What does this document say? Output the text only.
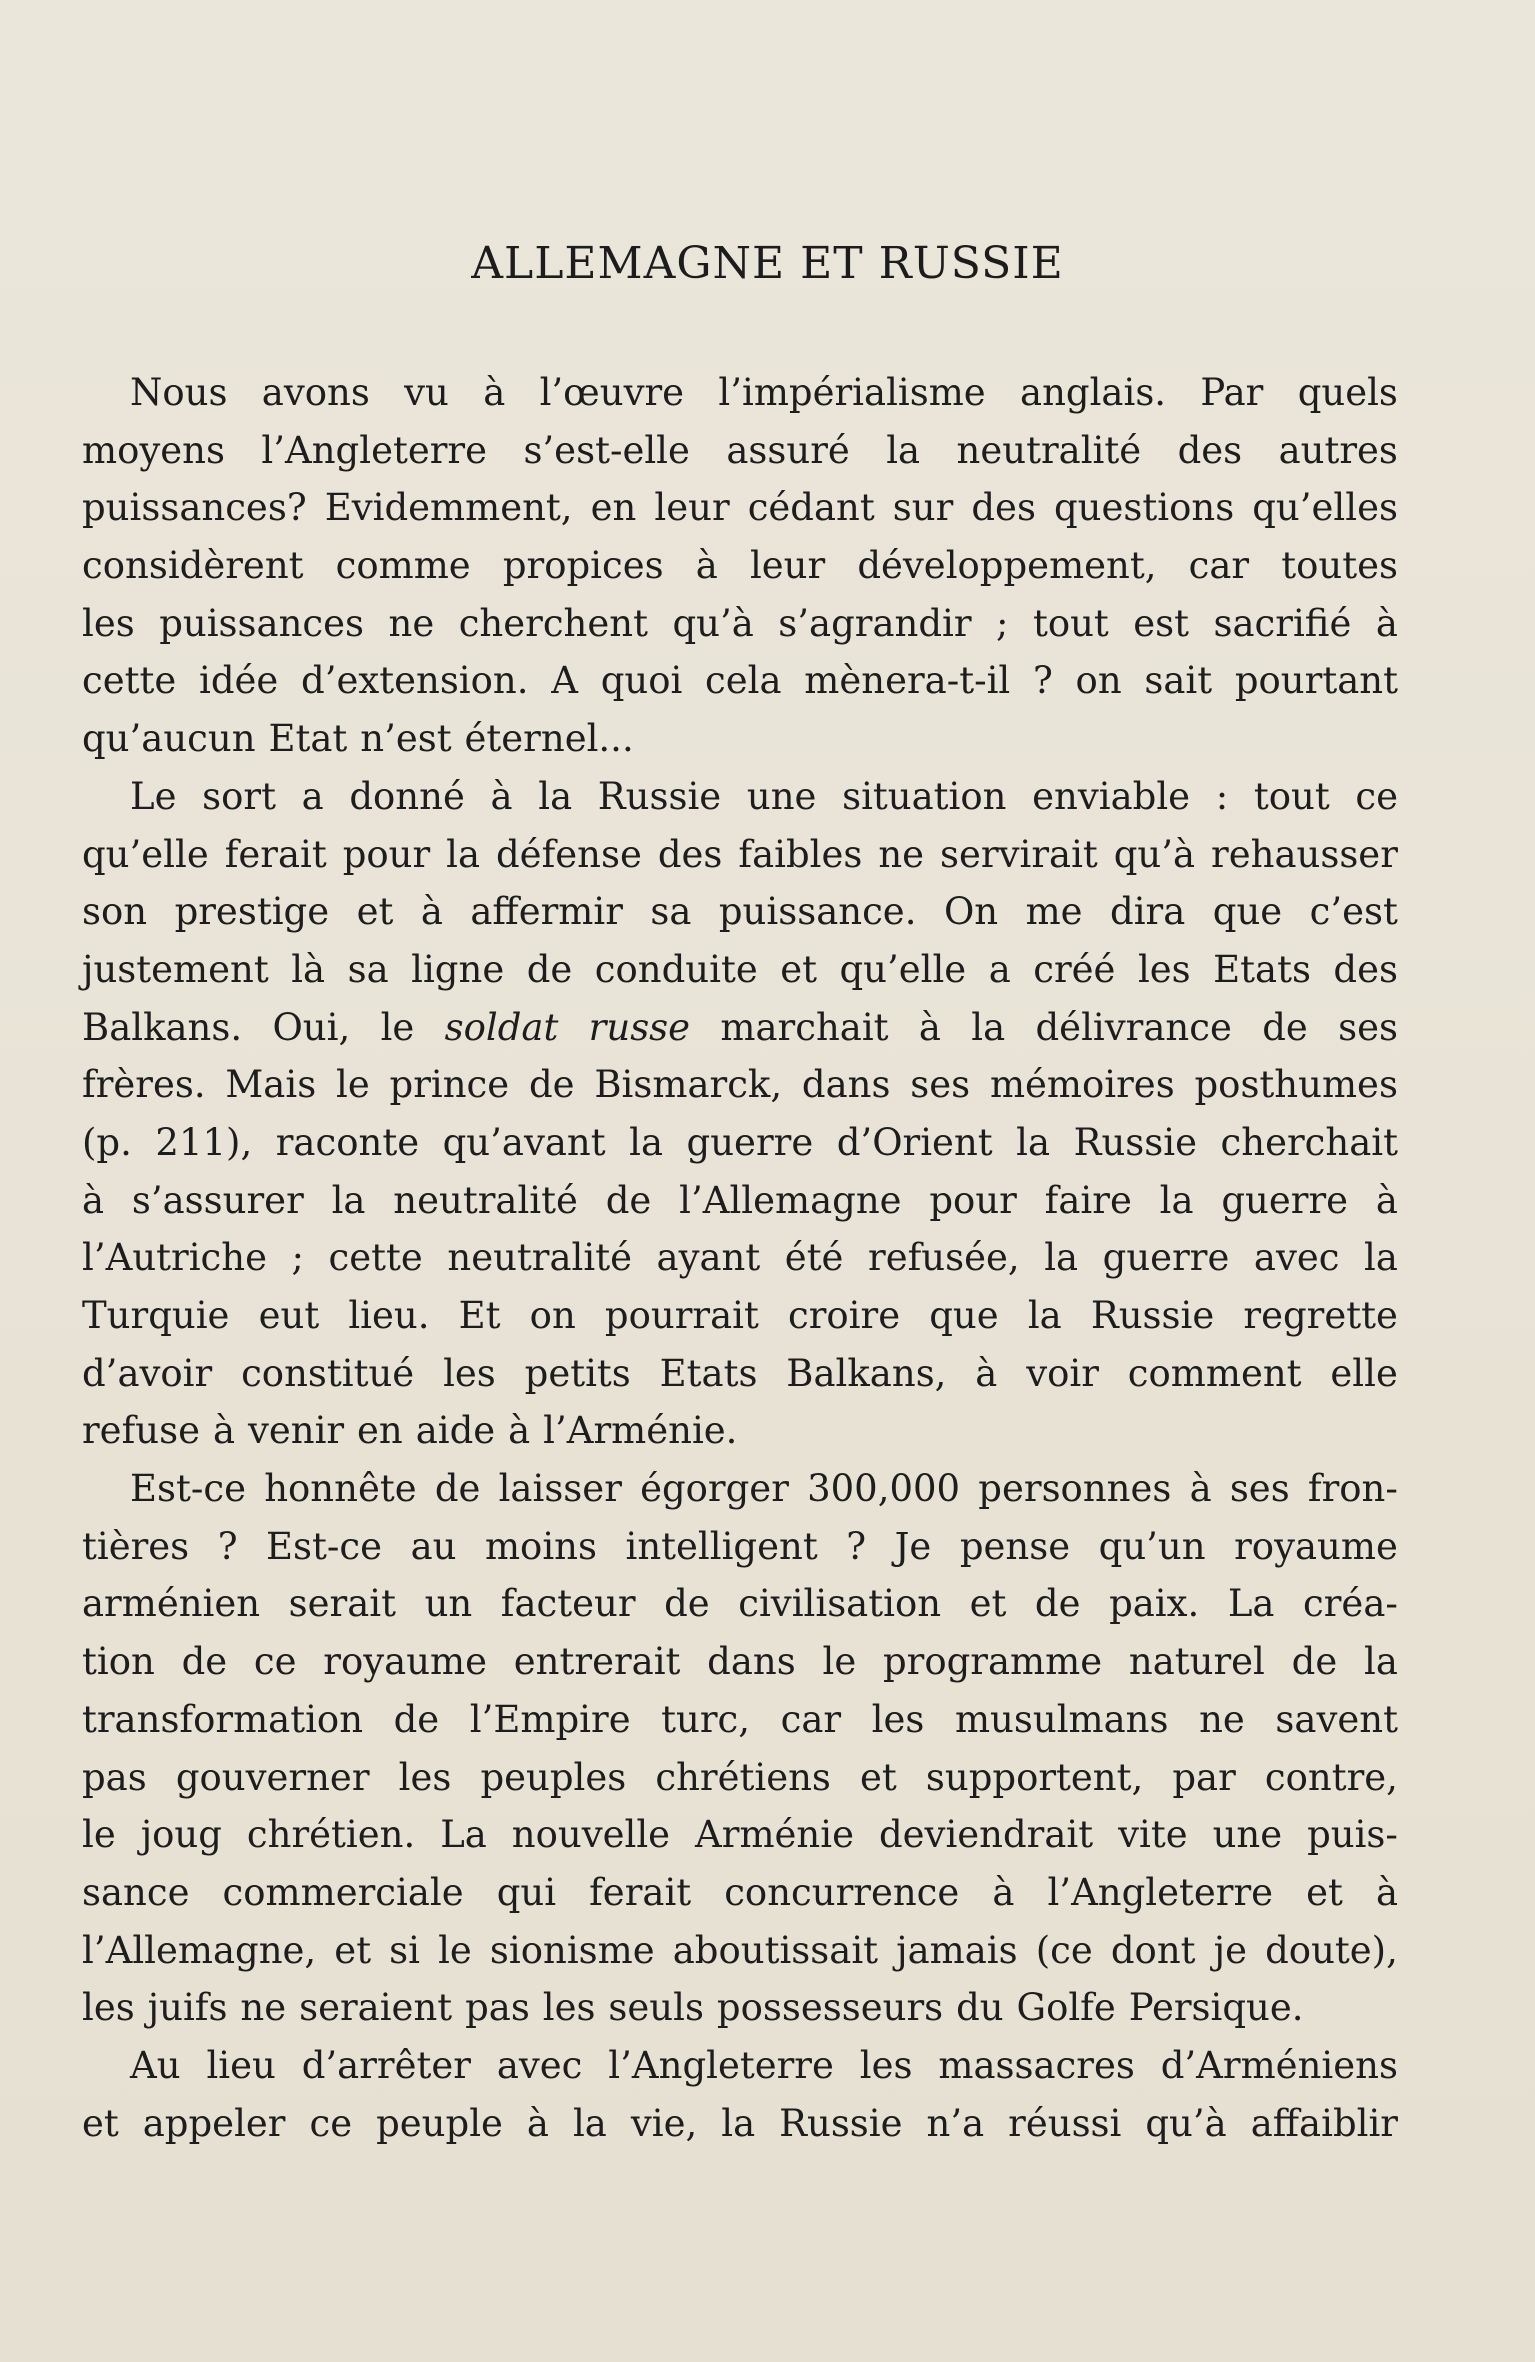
ALLEMAGNE ET RUSSIE
Nous avons vu à l’œuvre l’impérialisme anglais. Par quels
moyens l’Angleterre s’est-elle assuré la neutralité des autres
puissances? Evidemment, en leur cédant sur des questions qu’elles
considèrent comme propices à leur développement, car toutes
les puissances ne cherchent qu’à s’agrandir ; tout est sacrifié à
cette idée d’extension. A quoi cela mènera-t-il ? on sait pourtant
qu’aucun Etat n’est éternel...
Le sort a donné à la Russie une situation enviable : tout ce
qu’elle ferait pour la défense des faibles ne servirait qu’à rehausser
son prestige et à affermir sa puissance. On me dira que c’est
justement là sa ligne de conduite et qu’elle a créé les Etats des
Balkans. Oui, le soldat russe marchait à la délivrance de ses
frères. Mais le prince de Bismarck, dans ses mémoires posthumes
(p. 211), raconte qu’avant la guerre d’Orient la Russie cherchait
à s’assurer la neutralité de l’Allemagne pour faire la guerre à
l’Autriche ; cette neutralité ayant été refusée, la guerre avec la
Turquie eut lieu. Et on pourrait croire que la Russie regrette
d’avoir constitué les petits Etats Balkans, à voir comment elle
refuse à venir en aide à l’Arménie.
Est-ce honnête de laisser égorger 300,000 personnes à ses fron-
tières ? Est-ce au moins intelligent ? Je pense qu’un royaume
arménien serait un facteur de civilisation et de paix. La créa-
tion de ce royaume entrerait dans le programme naturel de la
transformation de l’Empire turc, car les musulmans ne savent
pas gouverner les peuples chrétiens et supportent, par contre,
le joug chrétien. La nouvelle Arménie deviendrait vite une puis-
sance commerciale qui ferait concurrence à l’Angleterre et à
l’Allemagne, et si le sionisme aboutissait jamais (ce dont je doute),
les juifs ne seraient pas les seuls possesseurs du Golfe Persique.
Au lieu d’arrêter avec l’Angleterre les massacres d’Arméniens
et appeler ce peuple à la vie, la Russie n’a réussi qu’à affaiblir
